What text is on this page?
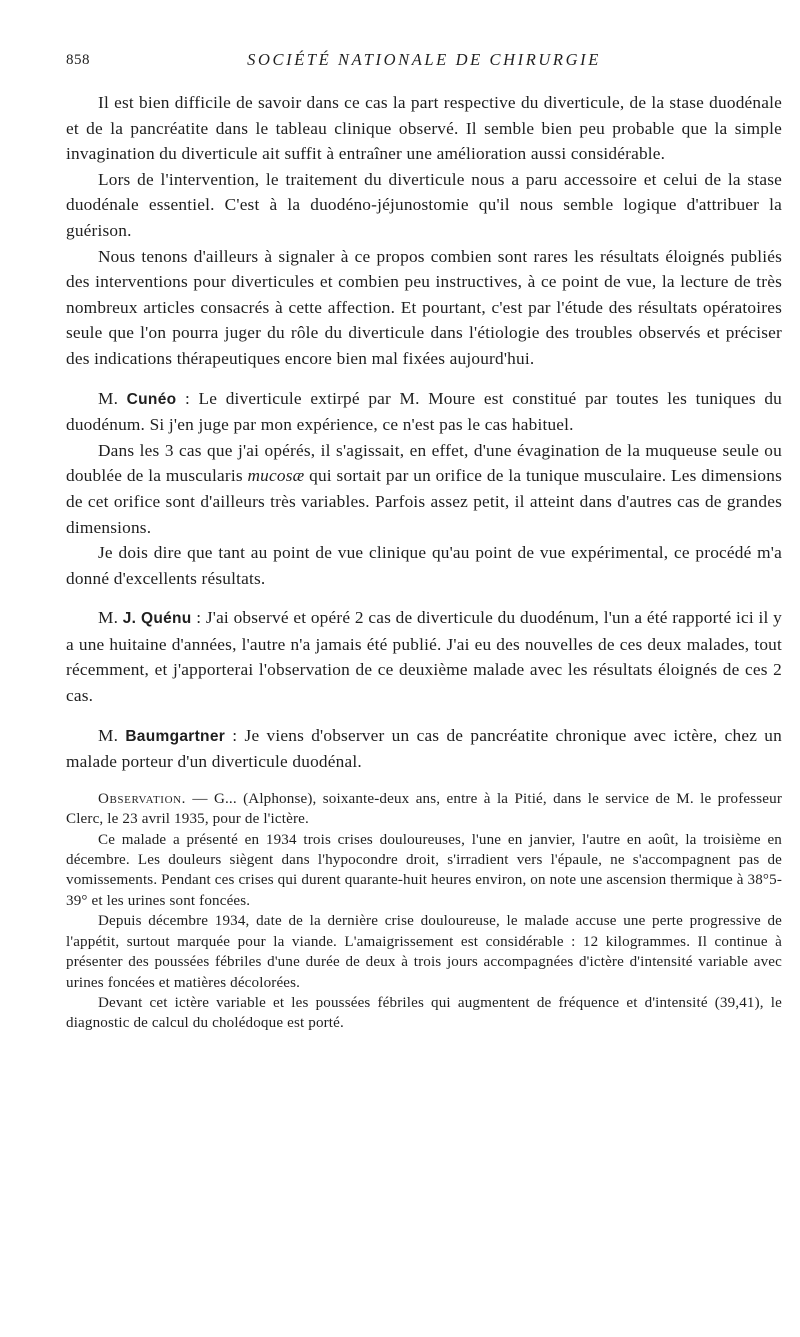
858	SOCIÉTÉ NATIONALE DE CHIRURGIE

Il est bien difficile de savoir dans ce cas la part respective du diverticule, de la stase duodénale et de la pancréatite dans le tableau clinique observé. Il semble bien peu probable que la simple invagination du diverticule ait suffit à entraîner une amélioration aussi considérable.

Lors de l'intervention, le traitement du diverticule nous a paru accessoire et celui de la stase duodénale essentiel. C'est à la duodéno-jéjunostomie qu'il nous semble logique d'attribuer la guérison.

Nous tenons d'ailleurs à signaler à ce propos combien sont rares les résultats éloignés publiés des interventions pour diverticules et combien peu instructives, à ce point de vue, la lecture de très nombreux articles consacrés à cette affection. Et pourtant, c'est par l'étude des résultats opératoires seule que l'on pourra juger du rôle du diverticule dans l'étiologie des troubles observés et préciser des indications thérapeutiques encore bien mal fixées aujourd'hui.

M. Cunéo : Le diverticule extirpé par M. Moure est constitué par toutes les tuniques du duodénum. Si j'en juge par mon expérience, ce n'est pas le cas habituel.

Dans les 3 cas que j'ai opérés, il s'agissait, en effet, d'une évagination de la muqueuse seule ou doublée de la muscularis mucosæ qui sortait par un orifice de la tunique musculaire. Les dimensions de cet orifice sont d'ailleurs très variables. Parfois assez petit, il atteint dans d'autres cas de grandes dimensions.

Je dois dire que tant au point de vue clinique qu'au point de vue expérimental, ce procédé m'a donné d'excellents résultats.

M. J. Quénu : J'ai observé et opéré 2 cas de diverticule du duodénum, l'un a été rapporté ici il y a une huitaine d'années, l'autre n'a jamais été publié. J'ai eu des nouvelles de ces deux malades, tout récemment, et j'apporterai l'observation de ce deuxième malade avec les résultats éloignés de ces 2 cas.

M. Baumgartner : Je viens d'observer un cas de pancréatite chronique avec ictère, chez un malade porteur d'un diverticule duodénal.

Observation. — G... (Alphonse), soixante-deux ans, entre à la Pitié, dans le service de M. le professeur Clerc, le 23 avril 1935, pour de l'ictère.

Ce malade a présenté en 1934 trois crises douloureuses, l'une en janvier, l'autre en août, la troisième en décembre. Les douleurs siègent dans l'hypocondre droit, s'irradient vers l'épaule, ne s'accompagnent pas de vomissements. Pendant ces crises qui durent quarante-huit heures environ, on note une ascension thermique à 38°5-39° et les urines sont foncées.

Depuis décembre 1934, date de la dernière crise douloureuse, le malade accuse une perte progressive de l'appétit, surtout marquée pour la viande. L'amaigrissement est considérable : 12 kilogrammes. Il continue à présenter des poussées fébriles d'une durée de deux à trois jours accompagnées d'ictère d'intensité variable avec urines foncées et matières décolorées.

Devant cet ictère variable et les poussées fébriles qui augmentent de fréquence et d'intensité (39,41), le diagnostic de calcul du cholédoque est porté.
